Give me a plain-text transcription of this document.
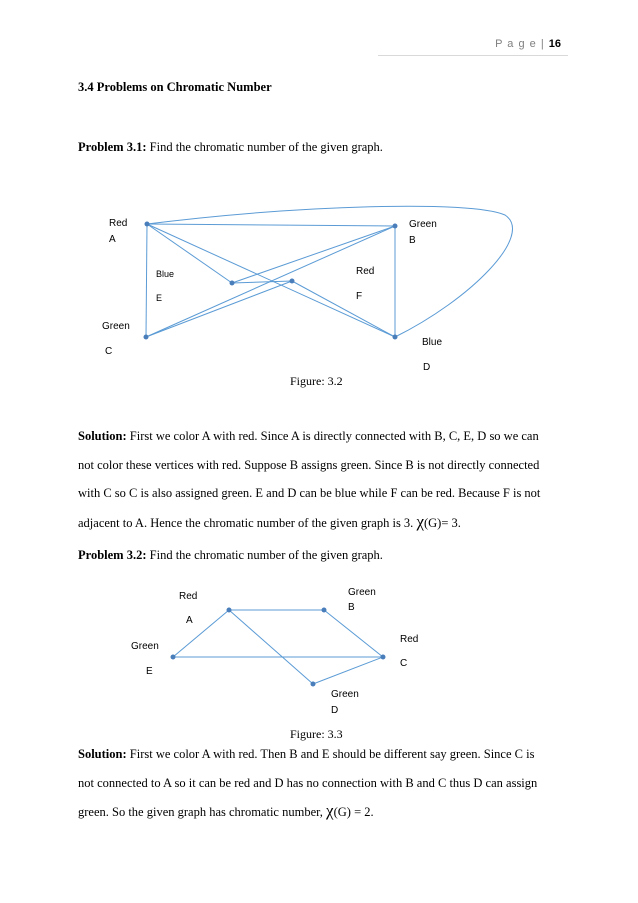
P a g e | 16
3.4 Problems on Chromatic Number
Problem 3.1: Find the chromatic number of the given graph.
Red
A
Green
B
Green
C
Blue
D
Blue
E
Red
F
Figure: 3.2
Solution: First we color A with red. Since A is directly connected with B, C, E, D so we can
not color these vertices with red. Suppose B assigns green. Since B is not directly connected
with C so C is also assigned green. E and D can be blue while F can be red. Because F is not
adjacent to A. Hence the chromatic number of the given graph is 3. χ(G)= 3.
Problem 3.2: Find the chromatic number of the given graph.
Red
A
Green
B
Red
C
Green
D
Green
E
Figure: 3.3
Solution: First we color A with red. Then B and E should be different say green. Since C is
not connected to A so it can be red and D has no connection with B and C thus D can assign
green. So the given graph has chromatic number, χ(G) = 2.
